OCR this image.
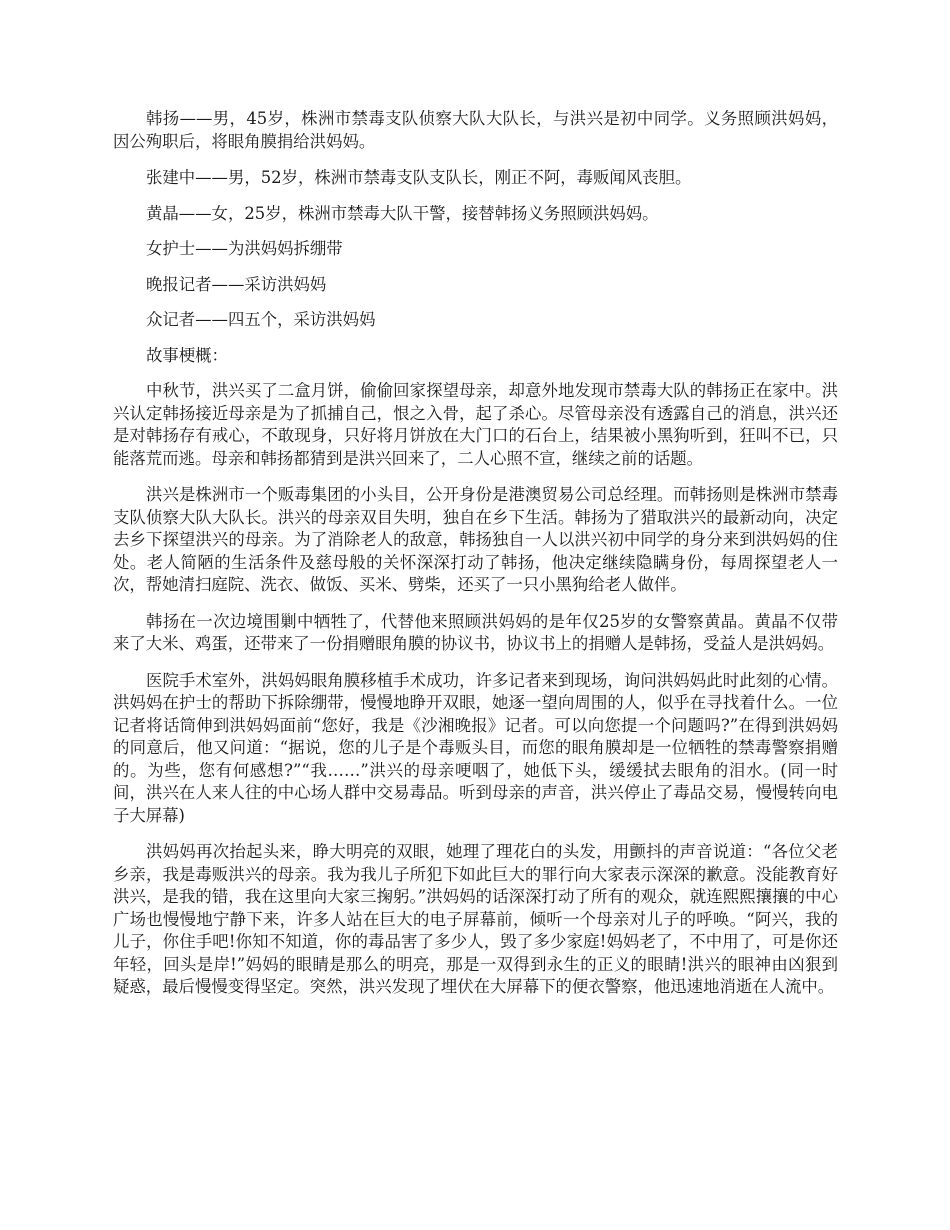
韩扬——男，45岁，株洲市禁毒支队侦察大队大队长，与洪兴是初中同学。义务照顾洪妈妈，因公殉职后，将眼角膜捐给洪妈妈。

张建中——男，52岁，株洲市禁毒支队支队长，刚正不阿，毒贩闻风丧胆。

黄晶——女，25岁，株洲市禁毒大队干警，接替韩扬义务照顾洪妈妈。

女护士——为洪妈妈拆绷带

晚报记者——采访洪妈妈

众记者——四五个，采访洪妈妈

故事梗概：

中秋节，洪兴买了二盒月饼，偷偷回家探望母亲，却意外地发现市禁毒大队的韩扬正在家中。洪兴认定韩扬接近母亲是为了抓捕自己，恨之入骨，起了杀心。尽管母亲没有透露自己的消息，洪兴还是对韩扬存有戒心，不敢现身，只好将月饼放在大门口的石台上，结果被小黑狗听到，狂叫不已，只能落荒而逃。母亲和韩扬都猜到是洪兴回来了，二人心照不宣，继续之前的话题。

洪兴是株洲市一个贩毒集团的小头目，公开身份是港澳贸易公司总经理。而韩扬则是株洲市禁毒支队侦察大队大队长。洪兴的母亲双目失明，独自在乡下生活。韩扬为了猎取洪兴的最新动向，决定去乡下探望洪兴的母亲。为了消除老人的敌意，韩扬独自一人以洪兴初中同学的身分来到洪妈妈的住处。老人简陋的生活条件及慈母般的关怀深深打动了韩扬，他决定继续隐瞒身份，每周探望老人一次，帮她清扫庭院、洗衣、做饭、买米、劈柴，还买了一只小黑狗给老人做伴。

韩扬在一次边境围剿中牺牲了，代替他来照顾洪妈妈的是年仅25岁的女警察黄晶。黄晶不仅带来了大米、鸡蛋，还带来了一份捐赠眼角膜的协议书，协议书上的捐赠人是韩扬，受益人是洪妈妈。

医院手术室外，洪妈妈眼角膜移植手术成功，许多记者来到现场，询问洪妈妈此时此刻的心情。洪妈妈在护士的帮助下拆除绷带，慢慢地睁开双眼，她逐一望向周围的人，似乎在寻找着什么。一位记者将话筒伸到洪妈妈面前“您好，我是《沙湘晚报》记者。可以向您提一个问题吗?”在得到洪妈妈的同意后，他又问道：“据说，您的儿子是个毒贩头目，而您的眼角膜却是一位牺牲的禁毒警察捐赠的。为些，您有何感想?”“我……”洪兴的母亲哽咽了，她低下头，缓缓拭去眼角的泪水。(同一时间，洪兴在人来人往的中心场人群中交易毒品。听到母亲的声音，洪兴停止了毒品交易，慢慢转向电子大屏幕)

洪妈妈再次抬起头来，睁大明亮的双眼，她理了理花白的头发，用颤抖的声音说道：“各位父老乡亲，我是毒贩洪兴的母亲。我为我儿子所犯下如此巨大的罪行向大家表示深深的歉意。没能教育好洪兴，是我的错，我在这里向大家三掬躬。”洪妈妈的话深深打动了所有的观众，就连熙熙攘攘的中心广场也慢慢地宁静下来，许多人站在巨大的电子屏幕前，倾听一个母亲对儿子的呼唤。“阿兴，我的儿子，你住手吧!你知不知道，你的毒品害了多少人，毁了多少家庭!妈妈老了，不中用了，可是你还年轻，回头是岸!”妈妈的眼睛是那么的明亮，那是一双得到永生的正义的眼睛!洪兴的眼神由凶狠到疑惑，最后慢慢变得坚定。突然，洪兴发现了埋伏在大屏幕下的便衣警察，他迅速地消逝在人流中。
